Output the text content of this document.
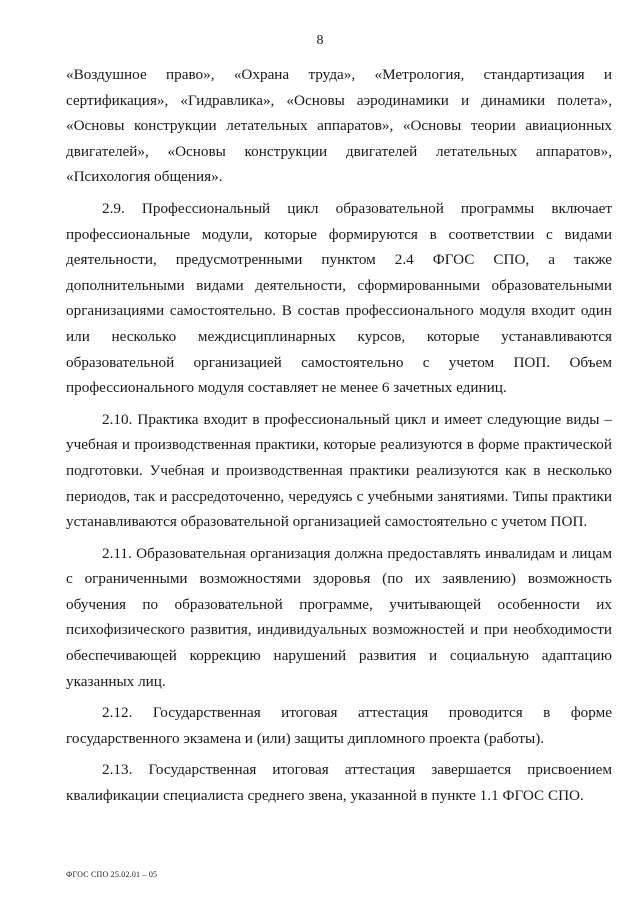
8

«Воздушное право», «Охрана труда», «Метрология, стандартизация и сертификация», «Гидравлика», «Основы аэродинамики и динамики полета», «Основы конструкции летательных аппаратов», «Основы теории авиационных двигателей», «Основы конструкции двигателей летательных аппаратов», «Психология общения».

2.9. Профессиональный цикл образовательной программы включает профессиональные модули, которые формируются в соответствии с видами деятельности, предусмотренными пунктом 2.4 ФГОС СПО, а также дополнительными видами деятельности, сформированными образовательными организациями самостоятельно. В состав профессионального модуля входит один или несколько междисциплинарных курсов, которые устанавливаются образовательной организацией самостоятельно с учетом ПОП. Объем профессионального модуля составляет не менее 6 зачетных единиц.

2.10. Практика входит в профессиональный цикл и имеет следующие виды – учебная и производственная практики, которые реализуются в форме практической подготовки. Учебная и производственная практики реализуются как в несколько периодов, так и рассредоточенно, чередуясь с учебными занятиями. Типы практики устанавливаются образовательной организацией самостоятельно с учетом ПОП.

2.11. Образовательная организация должна предоставлять инвалидам и лицам с ограниченными возможностями здоровья (по их заявлению) возможность обучения по образовательной программе, учитывающей особенности их психофизического развития, индивидуальных возможностей и при необходимости обеспечивающей коррекцию нарушений развития и социальную адаптацию указанных лиц.

2.12. Государственная итоговая аттестация проводится в форме государственного экзамена и (или) защиты дипломного проекта (работы).

2.13. Государственная итоговая аттестация завершается присвоением квалификации специалиста среднего звена, указанной в пункте 1.1 ФГОС СПО.

ФГОС СПО 25.02.01 – 05
